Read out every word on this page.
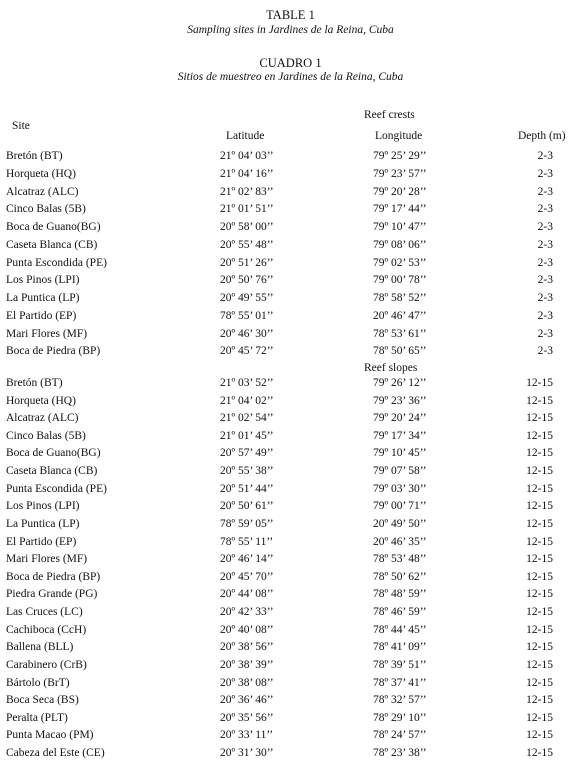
TABLE 1
Sampling sites in Jardines de la Reina, Cuba
CUADRO 1
Sitios de muestreo en Jardines de la Reina, Cuba
Reef crests
Site
Latitude	Longitude	Depth (m)
Bretón (BT)	21º 04’ 03’’	79º 25’ 29’’	2-3
Horqueta (HQ)	21º 04’ 16’’	79º 23’ 57’’	2-3
Alcatraz (ALC)	21º 02’ 83’’	79º 20’ 28’’	2-3
Cinco Balas (5B)	21º 01’ 51’’	79º 17’ 44’’	2-3
Boca de Guano(BG)	20º 58’ 00’’	79º 10’ 47’’	2-3
Caseta Blanca (CB)	20º 55’ 48’’	79º 08’ 06’’	2-3
Punta Escondida (PE)	20º 51’ 26’’	79º 02’ 53’’	2-3
Los Pinos (LPI)	20º 50’ 76’’	79º 00’ 78’’	2-3
La Puntica (LP)	20º 49’ 55’’	78º 58’ 52’’	2-3
El Partido (EP)	78º 55’ 01’’	20º 46’ 47’’	2-3
Mari Flores (MF)	20º 46’ 30’’	78º 53’ 61’’	2-3
Boca de Piedra (BP)	20º 45’ 72’’	78º 50’ 65’’	2-3
Reef slopes
Bretón (BT)	21º 03’ 52’’	79º 26’ 12’’	12-15
Horqueta (HQ)	21º 04’ 02’’	79º 23’ 36’’	12-15
Alcatraz (ALC)	21º 02’ 54’’	79º 20’ 24’’	12-15
Cinco Balas (5B)	21º 01’ 45’’	79º 17’ 34’’	12-15
Boca de Guano(BG)	20º 57’ 49’’	79º 10’ 45’’	12-15
Caseta Blanca (CB)	20º 55’ 38’’	79º 07’ 58’’	12-15
Punta Escondida (PE)	20º 51’ 44’’	79º 03’ 30’’	12-15
Los Pinos (LPI)	20º 50’ 61’’	79º 00’ 71’’	12-15
La Puntica (LP)	78º 59’ 05’’	20º 49’ 50’’	12-15
El Partido (EP)	78º 55’ 11’’	20º 46’ 35’’	12-15
Mari Flores (MF)	20º 46’ 14’’	78º 53’ 48’’	12-15
Boca de Piedra (BP)	20º 45’ 70’’	78º 50’ 62’’	12-15
Piedra Grande (PG)	20º 44’ 08’’	78º 48’ 59’’	12-15
Las Cruces (LC)	20º 42’ 33’’	78º 46’ 59’’	12-15
Cachiboca (CcH)	20º 40’ 08’’	78º 44’ 45’’	12-15
Ballena (BLL)	20º 38’ 56’’	78º 41’ 09’’	12-15
Carabinero (CrB)	20º 38’ 39’’	78º 39’ 51’’	12-15
Bártolo (BrT)	20º 38’ 08’’	78º 37’ 41’’	12-15
Boca Seca (BS)	20º 36’ 46’’	78º 32’ 57’’	12-15
Peralta (PLT)	20º 35’ 56’’	78º 29’ 10’’	12-15
Punta Macao (PM)	20º 33’ 11’’	78º 24’ 57’’	12-15
Cabeza del Este (CE)	20º 31’ 30’’	78º 23’ 38’’	12-15
